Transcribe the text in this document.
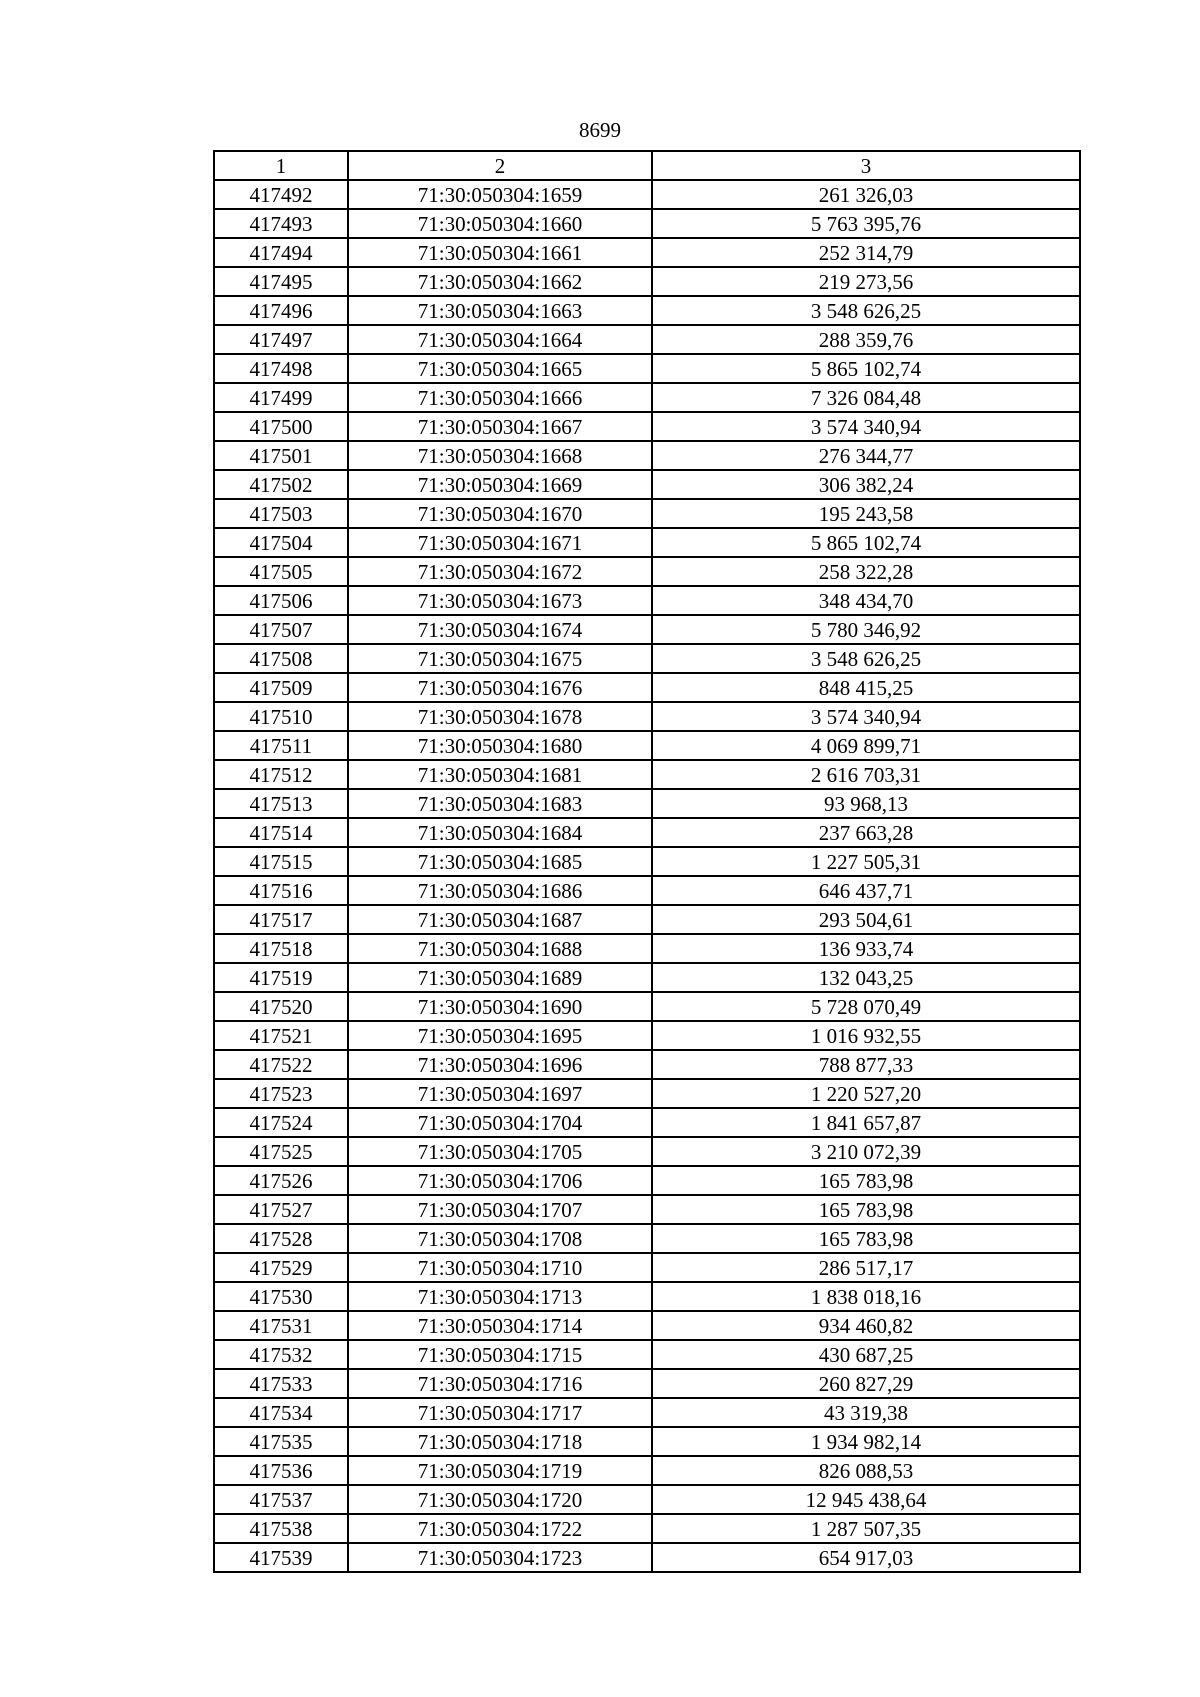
8699
1	2	3
417492	71:30:050304:1659	261 326,03
417493	71:30:050304:1660	5 763 395,76
417494	71:30:050304:1661	252 314,79
417495	71:30:050304:1662	219 273,56
417496	71:30:050304:1663	3 548 626,25
417497	71:30:050304:1664	288 359,76
417498	71:30:050304:1665	5 865 102,74
417499	71:30:050304:1666	7 326 084,48
417500	71:30:050304:1667	3 574 340,94
417501	71:30:050304:1668	276 344,77
417502	71:30:050304:1669	306 382,24
417503	71:30:050304:1670	195 243,58
417504	71:30:050304:1671	5 865 102,74
417505	71:30:050304:1672	258 322,28
417506	71:30:050304:1673	348 434,70
417507	71:30:050304:1674	5 780 346,92
417508	71:30:050304:1675	3 548 626,25
417509	71:30:050304:1676	848 415,25
417510	71:30:050304:1678	3 574 340,94
417511	71:30:050304:1680	4 069 899,71
417512	71:30:050304:1681	2 616 703,31
417513	71:30:050304:1683	93 968,13
417514	71:30:050304:1684	237 663,28
417515	71:30:050304:1685	1 227 505,31
417516	71:30:050304:1686	646 437,71
417517	71:30:050304:1687	293 504,61
417518	71:30:050304:1688	136 933,74
417519	71:30:050304:1689	132 043,25
417520	71:30:050304:1690	5 728 070,49
417521	71:30:050304:1695	1 016 932,55
417522	71:30:050304:1696	788 877,33
417523	71:30:050304:1697	1 220 527,20
417524	71:30:050304:1704	1 841 657,87
417525	71:30:050304:1705	3 210 072,39
417526	71:30:050304:1706	165 783,98
417527	71:30:050304:1707	165 783,98
417528	71:30:050304:1708	165 783,98
417529	71:30:050304:1710	286 517,17
417530	71:30:050304:1713	1 838 018,16
417531	71:30:050304:1714	934 460,82
417532	71:30:050304:1715	430 687,25
417533	71:30:050304:1716	260 827,29
417534	71:30:050304:1717	43 319,38
417535	71:30:050304:1718	1 934 982,14
417536	71:30:050304:1719	826 088,53
417537	71:30:050304:1720	12 945 438,64
417538	71:30:050304:1722	1 287 507,35
417539	71:30:050304:1723	654 917,03
